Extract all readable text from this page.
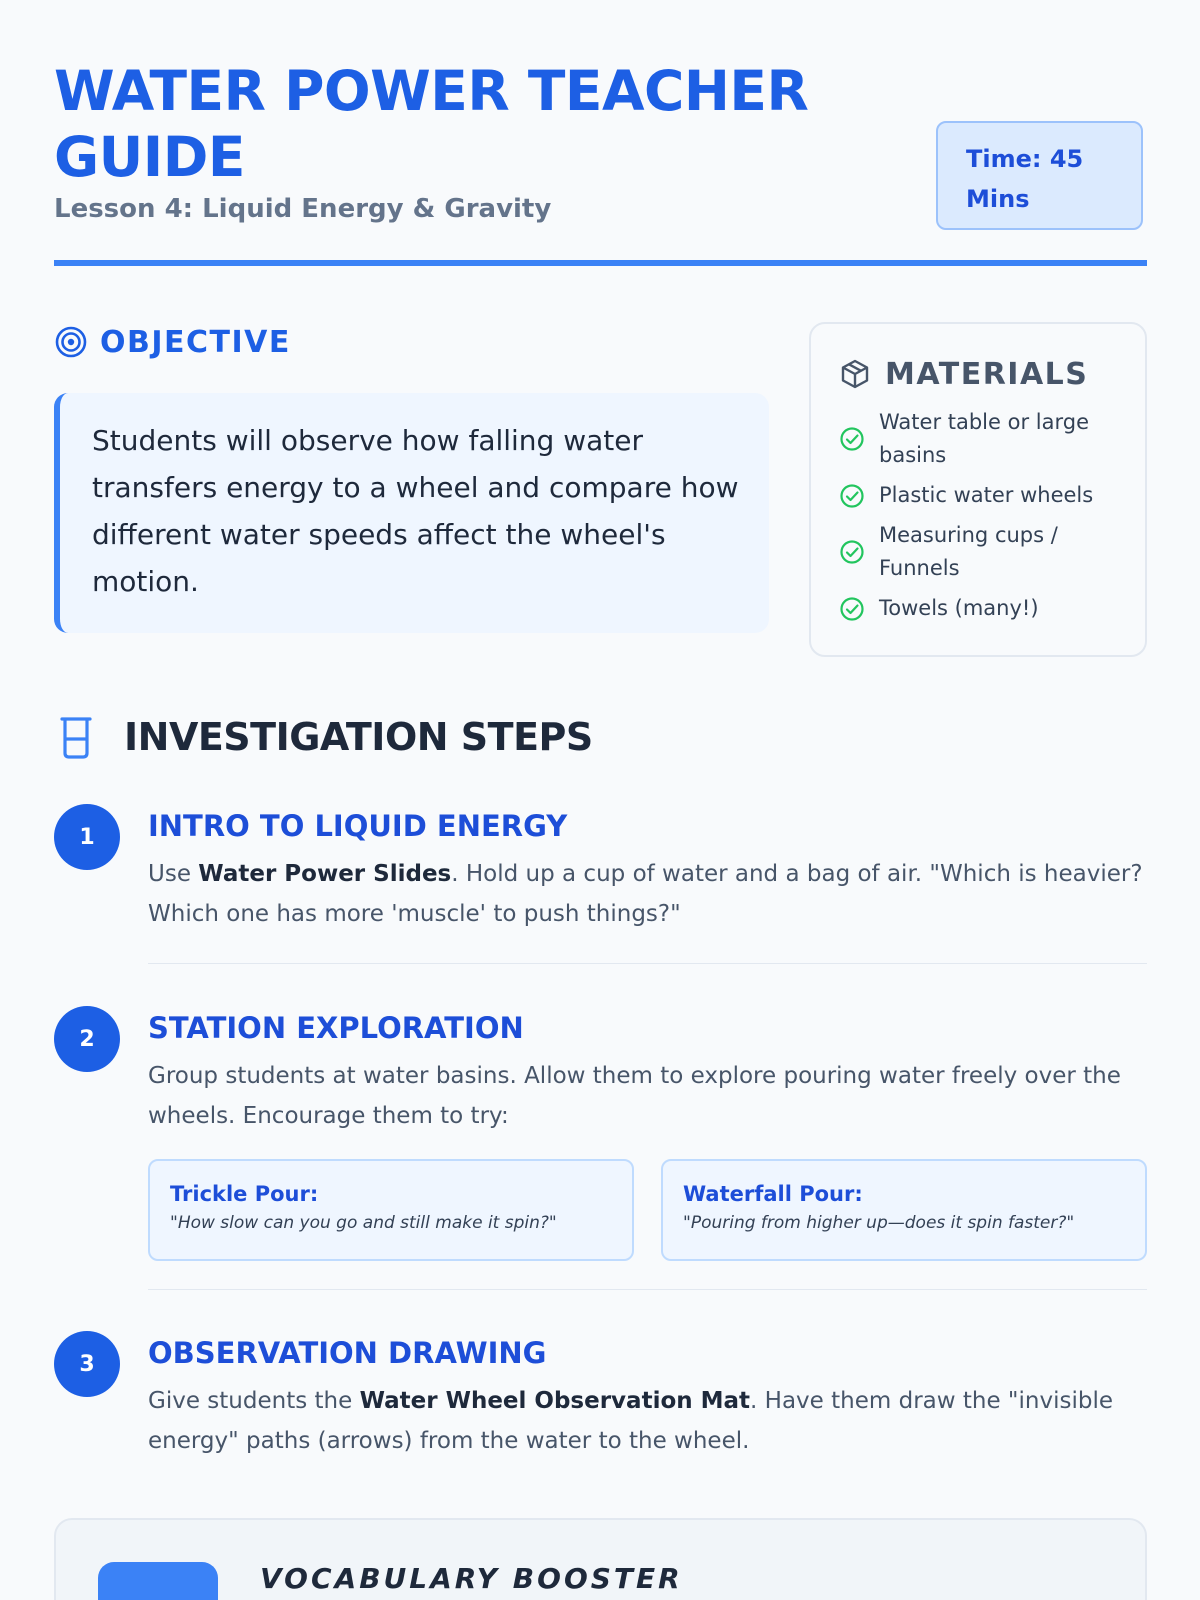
WATER POWER TEACHER GUIDE
Lesson 4: Liquid Energy & Gravity
Time: 45 Mins
OBJECTIVE
Students will observe how falling water transfers energy to a wheel and compare how different water speeds affect the wheel's motion.
MATERIALS
Water table or large basins
Plastic water wheels
Measuring cups / Funnels
Towels (many!)
INVESTIGATION STEPS
1	INTRO TO LIQUID ENERGY

Use Water Power Slides. Hold up a cup of water and a bag of air. "Which is heavier? Which one has more 'muscle' to push things?"

2	STATION EXPLORATION

Group students at water basins. Allow them to explore pouring water freely over the wheels. Encourage them to try:

Trickle Pour:
"How slow can you go and still make it spin?"
Waterfall Pour:
"Pouring from higher up—does it spin faster?"
3	OBSERVATION DRAWING

Give students the Water Wheel Observation Mat. Have them draw the "invisible energy" paths (arrows) from the water to the wheel.

VOCABULARY BOOSTER
